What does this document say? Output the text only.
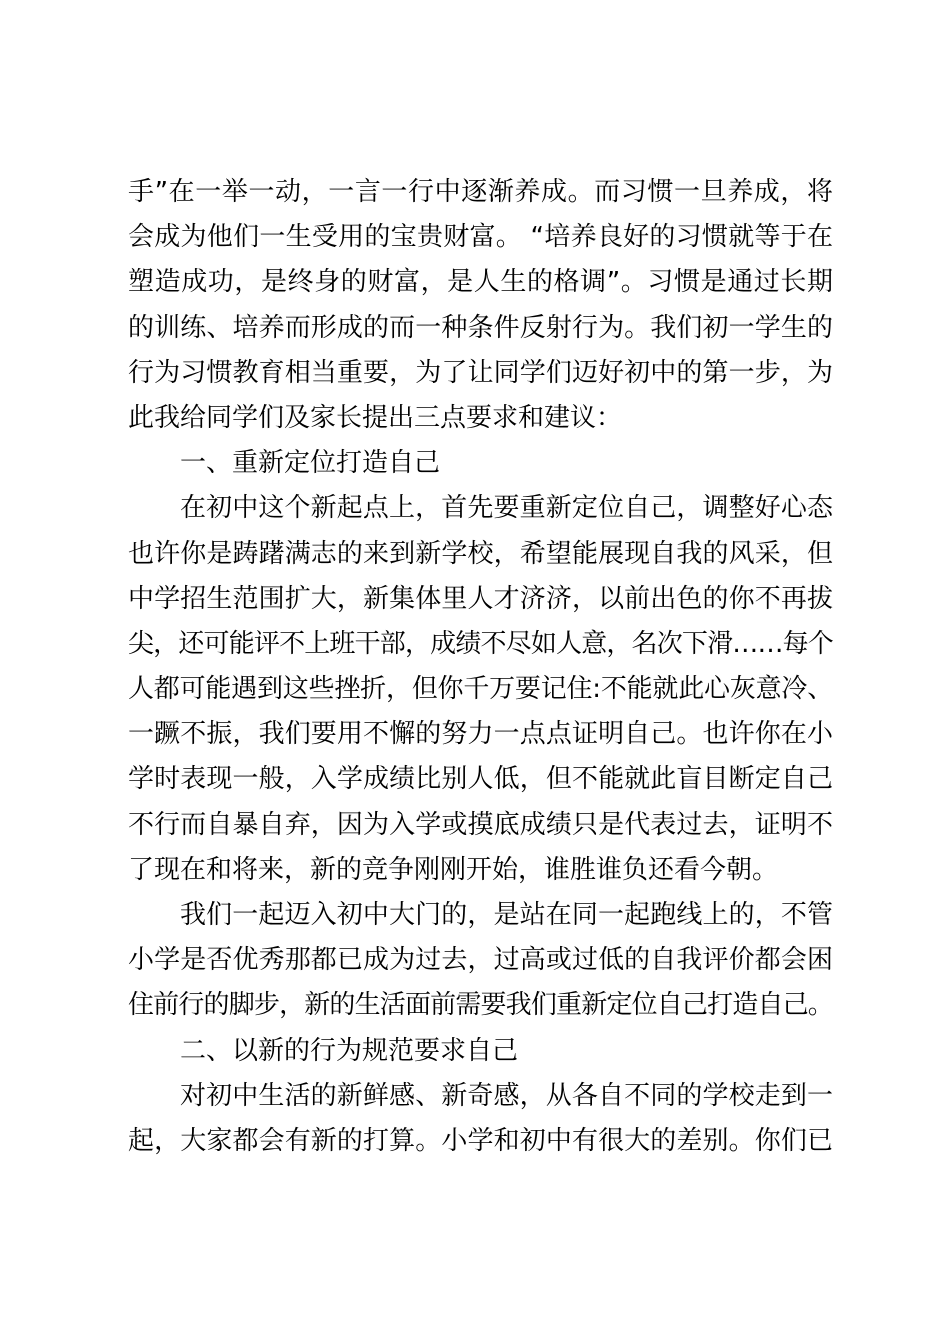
手”在一举一动，一言一行中逐渐养成。而习惯一旦养成，将
会成为他们一生受用的宝贵财富。 “培养良好的习惯就等于在
塑造成功，是终身的财富，是人生的格调”。习惯是通过长期
的训练、培养而形成的而一种条件反射行为。我们初一学生的
行为习惯教育相当重要，为了让同学们迈好初中的第一步，为
此我给同学们及家长提出三点要求和建议：
一、重新定位打造自己
在初中这个新起点上，首先要重新定位自己，调整好心态
也许你是踌躇满志的来到新学校，希望能展现自我的风采，但
中学招生范围扩大，新集体里人才济济，以前出色的你不再拔
尖，还可能评不上班干部，成绩不尽如人意，名次下滑……每个
人都可能遇到这些挫折，但你千万要记住:不能就此心灰意冷、
一蹶不振，我们要用不懈的努力一点点证明自己。也许你在小
学时表现一般，入学成绩比别人低，但不能就此盲目断定自己
不行而自暴自弃，因为入学或摸底成绩只是代表过去，证明不
了现在和将来，新的竞争刚刚开始，谁胜谁负还看今朝。
我们一起迈入初中大门的，是站在同一起跑线上的，不管
小学是否优秀那都已成为过去，过高或过低的自我评价都会困
住前行的脚步，新的生活面前需要我们重新定位自己打造自己。
二、以新的行为规范要求自己
对初中生活的新鲜感、新奇感，从各自不同的学校走到一
起，大家都会有新的打算。小学和初中有很大的差别。你们已
